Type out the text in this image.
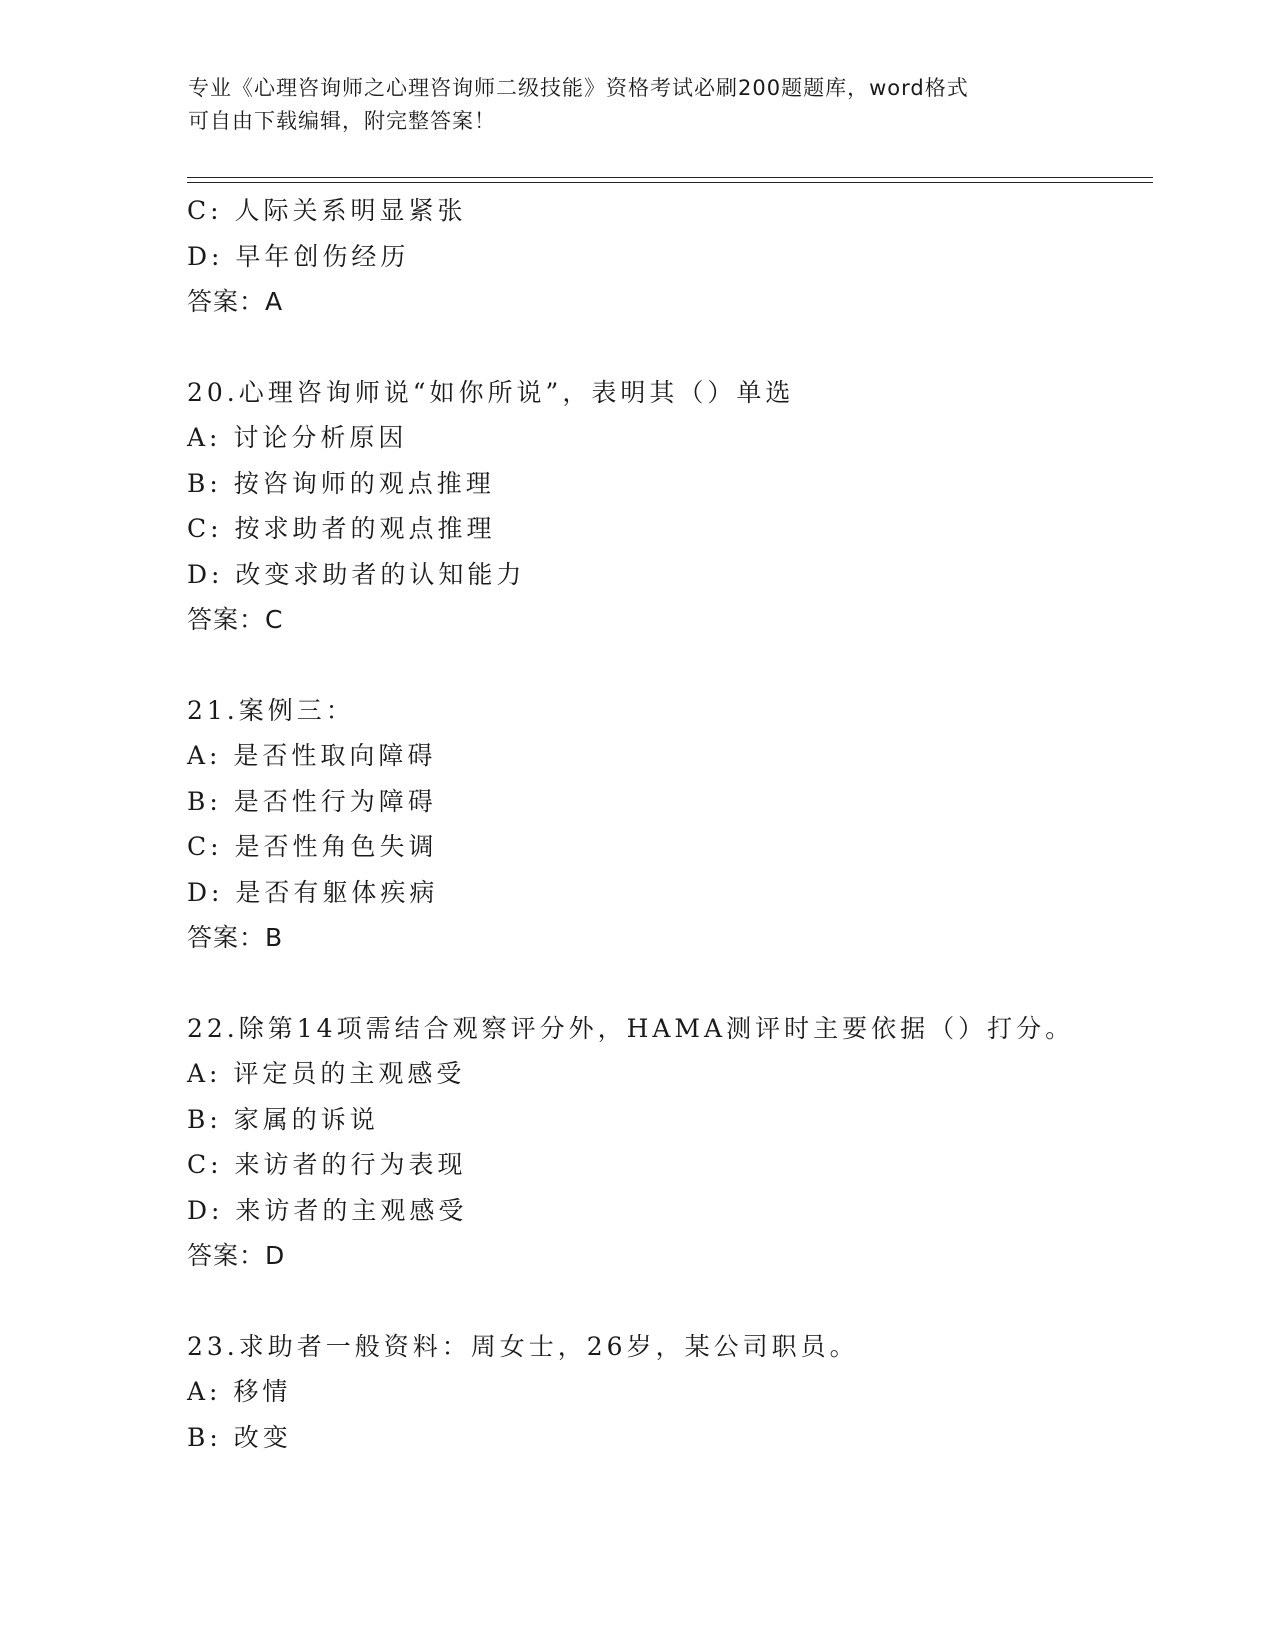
专业《心理咨询师之心理咨询师二级技能》资格考试必刷200题题库，word格式
可自由下载编辑，附完整答案！
C: 人际关系明显紧张
D: 早年创伤经历
答案：A
20.心理咨询师说“如你所说”，表明其（）单选
A: 讨论分析原因
B: 按咨询师的观点推理
C: 按求助者的观点推理
D: 改变求助者的认知能力
答案：C
21.案例三：
A: 是否性取向障碍
B: 是否性行为障碍
C: 是否性角色失调
D: 是否有躯体疾病
答案：B
22.除第14项需结合观察评分外，HAMA测评时主要依据（）打分。
A: 评定员的主观感受
B: 家属的诉说
C: 来访者的行为表现
D: 来访者的主观感受
答案：D
23.求助者一般资料：周女士，26岁，某公司职员。
A: 移情
B: 改变
